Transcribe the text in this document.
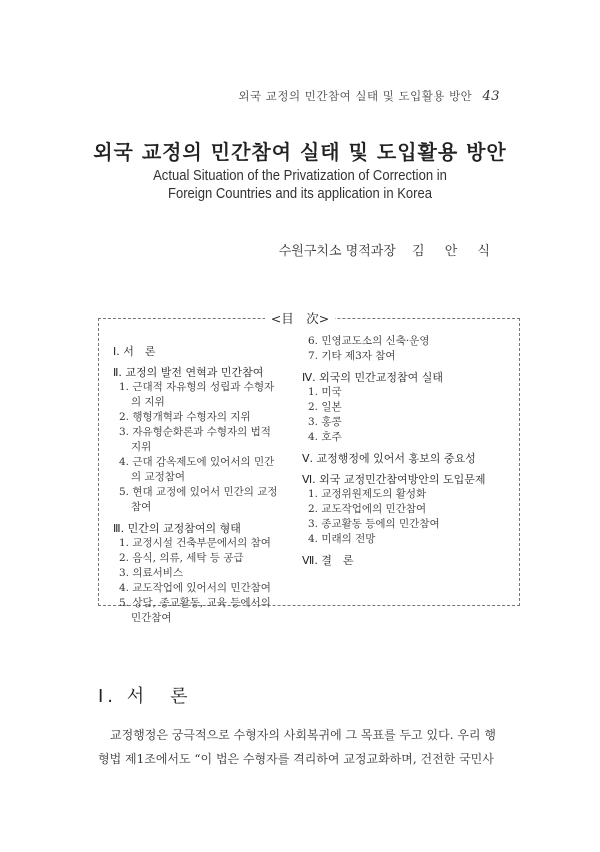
외국 교정의 민간참여 실태 및 도입활용 방안 43
외국 교정의 민간참여 실태 및 도입활용 방안
Actual Situation of the Privatization of Correction in
Foreign Countries and its application in Korea
수원구치소 명적과장 김 안 식
<目　次>
Ⅰ. 서　론
Ⅱ. 교정의 발전 연혁과 민간참여
1. 근대적 자유형의 성립과 수형자의 지위
2. 행형개혁과 수형자의 지위
3. 자유형순화론과 수형자의 법적 지위
4. 근대 감옥제도에 있어서의 민간의 교정참여
5. 현대 교정에 있어서 민간의 교정참여
Ⅲ. 민간의 교정참여의 형태
1. 교정시설 건축부문에서의 참여
2. 음식, 의류, 세탁 등 공급
3. 의료서비스
4. 교도작업에 있어서의 민간참여
5. 상담, 종교활동, 교육 등에서의 민간참여
6. 민영교도소의 신축·운영
7. 기타 제3자 참여
Ⅳ. 외국의 민간교정참여 실태
1. 미국
2. 일본
3. 홍콩
4. 호주
Ⅴ. 교정행정에 있어서 홍보의 중요성
Ⅵ. 외국 교정민간참여방안의 도입문제
1. 교정위원제도의 활성화
2. 교도작업에의 민간참여
3. 종교활동 등에의 민간참여
4. 미래의 전망
Ⅶ. 결　론
Ⅰ. 서　론
교정행정은 궁극적으로 수형자의 사회복귀에 그 목표를 두고 있다. 우리 행
형법 제1조에서도 “이 법은 수형자를 격리하여 교정교화하며, 건전한 국민사
